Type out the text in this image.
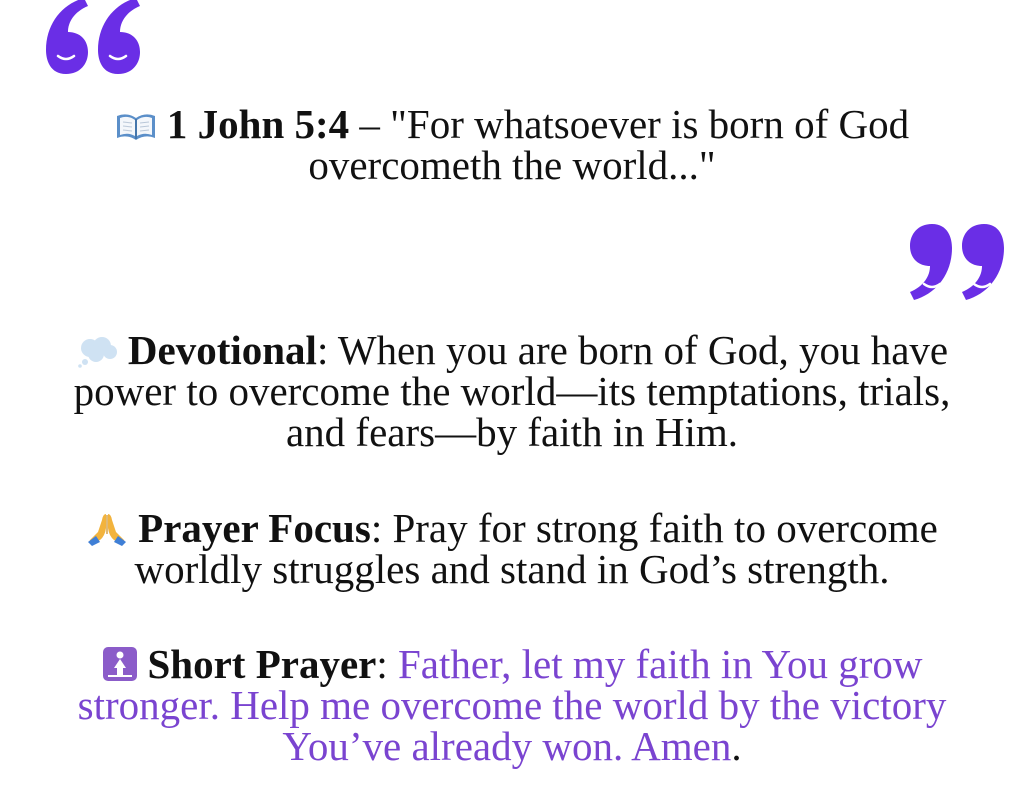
1 John 5:4 – "For whatsoever is born of God
overcometh the world..."
Devotional: When you are born of God, you have
power to overcome the world—its temptations, trials,
and fears—by faith in Him.
Prayer Focus: Pray for strong faith to overcome
worldly struggles and stand in God’s strength.
Short Prayer: Father, let my faith in You grow
stronger. Help me overcome the world by the victory
You’ve already won. Amen.
